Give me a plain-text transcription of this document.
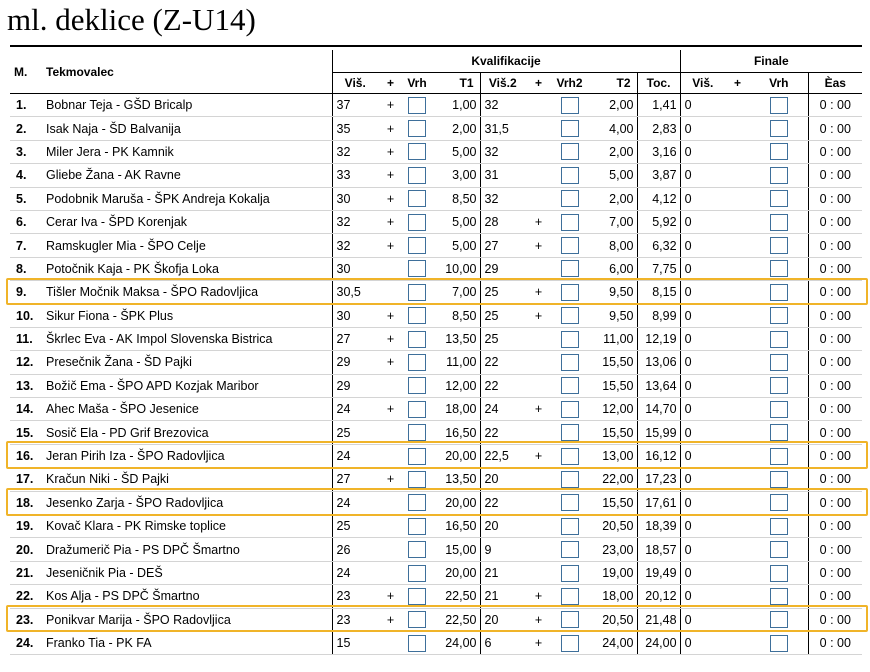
ml. deklice (Z-U14)
M.	Tekmovalec	Kvalifikacije									Finale			
		Viš.	+	Vrh	T1	Viš.2	+	Vrh2	T2	Toc.	Viš.	+	Vrh	Èas
1.	Bobnar Teja - GŠD Bricalp	37	+		1,00	32			2,00	1,41	0			0 : 00
2.	Isak Naja - ŠD Balvanija	35	+		2,00	31,5			4,00	2,83	0			0 : 00
3.	Miler Jera - PK Kamnik	32	+		5,00	32			2,00	3,16	0			0 : 00
4.	Gliebe Žana - AK Ravne	33	+		3,00	31			5,00	3,87	0			0 : 00
5.	Podobnik Maruša - ŠPK Andreja Kokalja	30	+		8,50	32			2,00	4,12	0			0 : 00
6.	Cerar Iva - ŠPD Korenjak	32	+		5,00	28	+		7,00	5,92	0			0 : 00
7.	Ramskugler Mia - ŠPO Celje	32	+		5,00	27	+		8,00	6,32	0			0 : 00
8.	Potočnik Kaja - PK Škofja Loka	30			10,00	29			6,00	7,75	0			0 : 00
9.	Tišler Močnik Maksa - ŠPO Radovljica	30,5			7,00	25	+		9,50	8,15	0			0 : 00
10.	Sikur Fiona - ŠPK Plus	30	+		8,50	25	+		9,50	8,99	0			0 : 00
11.	Škrlec Eva - AK Impol Slovenska Bistrica	27	+		13,50	25			11,00	12,19	0			0 : 00
12.	Presečnik Žana - ŠD Pajki	29	+		11,00	22			15,50	13,06	0			0 : 00
13.	Božič Ema - ŠPO APD Kozjak Maribor	29			12,00	22			15,50	13,64	0			0 : 00
14.	Ahec Maša - ŠPO Jesenice	24	+		18,00	24	+		12,00	14,70	0			0 : 00
15.	Sosič Ela - PD Grif Brezovica	25			16,50	22			15,50	15,99	0			0 : 00
16.	Jeran Pirih Iza - ŠPO Radovljica	24			20,00	22,5	+		13,00	16,12	0			0 : 00
17.	Kračun Niki - ŠD Pajki	27	+		13,50	20			22,00	17,23	0			0 : 00
18.	Jesenko Zarja - ŠPO Radovljica	24			20,00	22			15,50	17,61	0			0 : 00
19.	Kovač Klara - PK Rimske toplice	25			16,50	20			20,50	18,39	0			0 : 00
20.	Dražumerič Pia - PS DPČ Šmartno	26			15,00	9			23,00	18,57	0			0 : 00
21.	Jeseničnik Pia - DEŠ	24			20,00	21			19,00	19,49	0			0 : 00
22.	Kos Alja - PS DPČ Šmartno	23	+		22,50	21	+		18,00	20,12	0			0 : 00
23.	Ponikvar Marija - ŠPO Radovljica	23	+		22,50	20	+		20,50	21,48	0			0 : 00
24.	Franko Tia - PK FA	15			24,00	6	+		24,00	24,00	0			0 : 00
